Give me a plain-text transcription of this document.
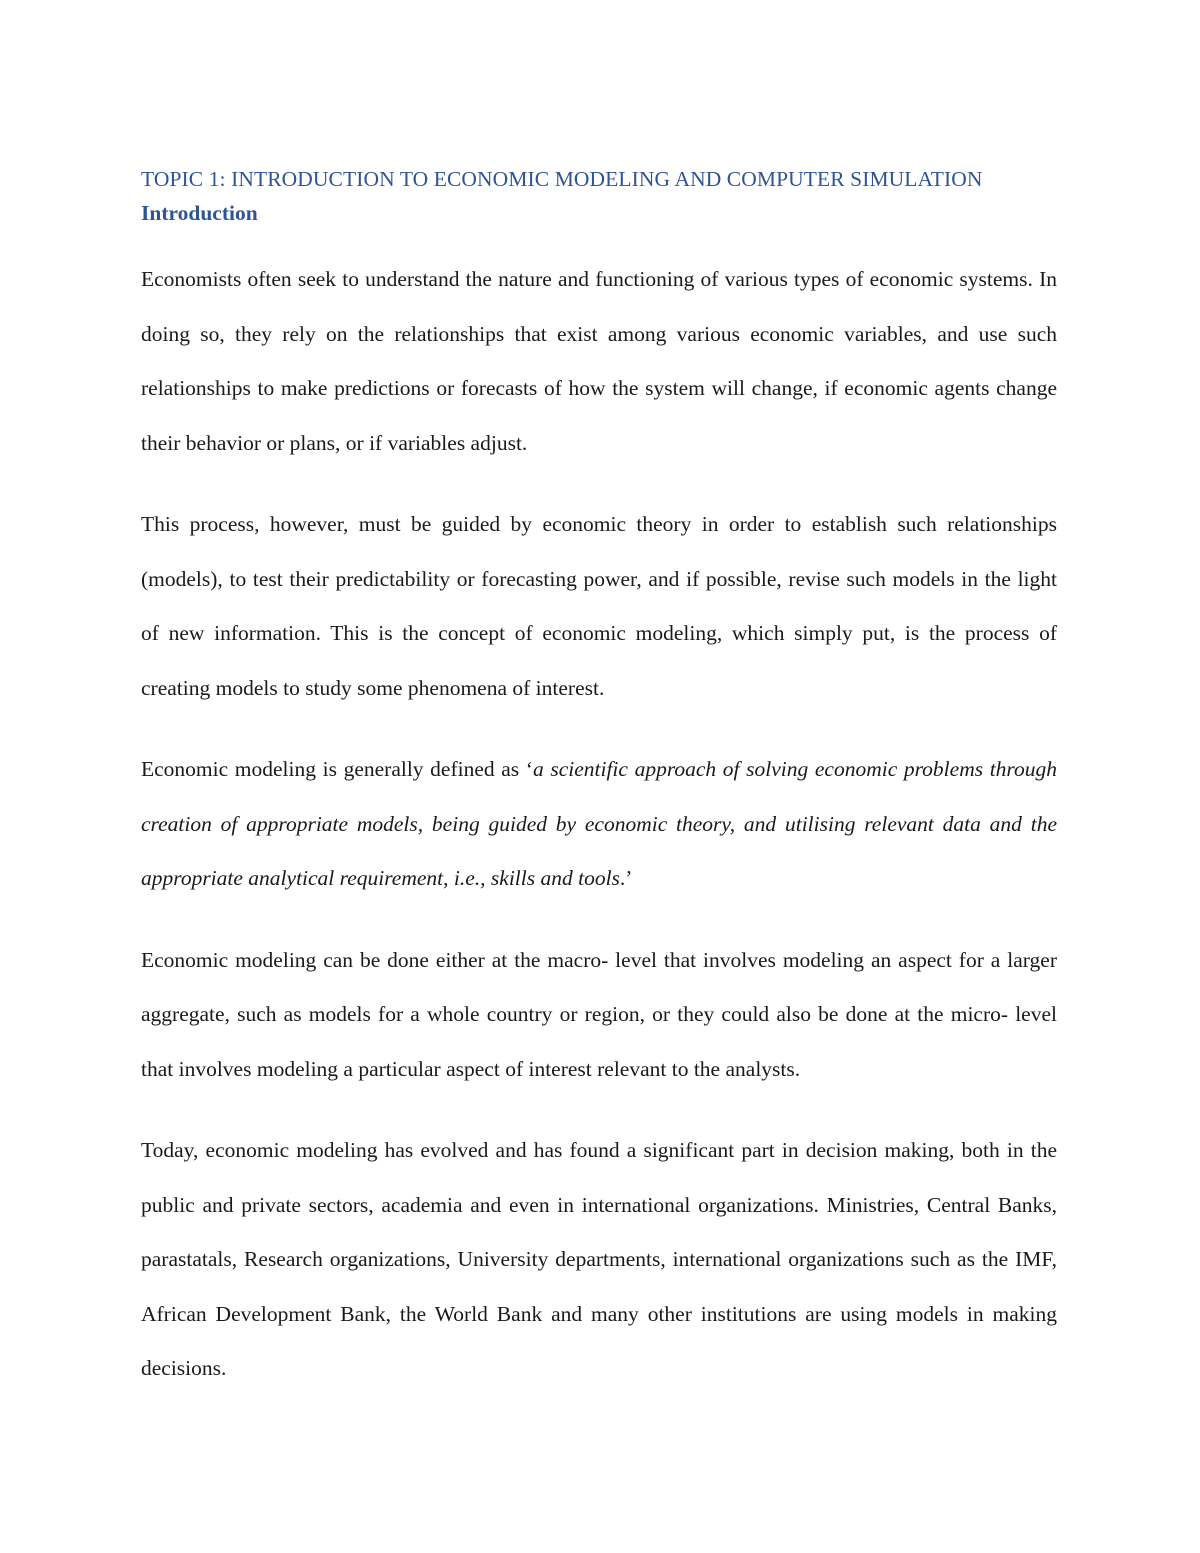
TOPIC 1: INTRODUCTION TO ECONOMIC MODELING AND COMPUTER SIMULATION
Introduction

Economists often seek to understand the nature and functioning of various types of economic systems. In doing so, they rely on the relationships that exist among various economic variables, and use such relationships to make predictions or forecasts of how the system will change, if economic agents change their behavior or plans, or if variables adjust.

This process, however, must be guided by economic theory in order to establish such relationships (models), to test their predictability or forecasting power, and if possible, revise such models in the light of new information. This is the concept of economic modeling, which simply put, is the process of creating models to study some phenomena of interest.

Economic modeling is generally defined as ‘a scientific approach of solving economic problems through creation of appropriate models, being guided by economic theory, and utilising relevant data and the appropriate analytical requirement, i.e., skills and tools.’

Economic modeling can be done either at the macro- level that involves modeling an aspect for a larger aggregate, such as models for a whole country or region, or they could also be done at the micro- level that involves modeling a particular aspect of interest relevant to the analysts.

Today, economic modeling has evolved and has found a significant part in decision making, both in the public and private sectors, academia and even in international organizations. Ministries, Central Banks, parastatals, Research organizations, University departments, international organizations such as the IMF, African Development Bank, the World Bank and many other institutions are using models in making decisions.
